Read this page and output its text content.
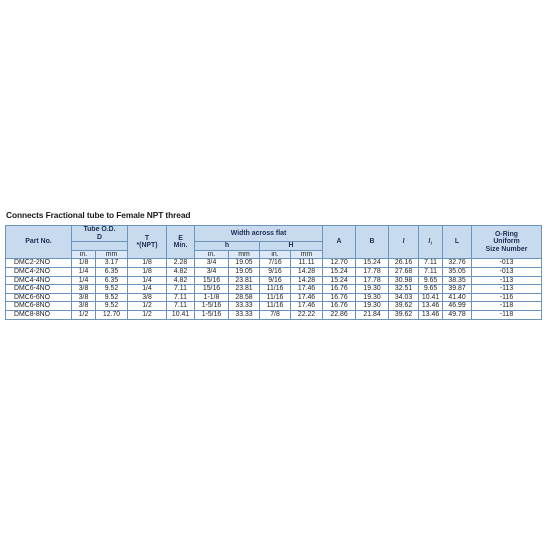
Connects Fractional tube to Female NPT thread
Part No.	Tube O.D.
D		T
*(NPT)	E
Min.	Width across flat				A	B	l	l₁	L	O-Ring
Uniform
Size Number
					h		H							
	in.	mm			in.	mm	in.	mm						
DMC2-2NO	1/8	3.17	1/8	2.28	3/4	19.05	7/16	11.11	12.70	15.24	26.16	7.11	32.76	-013
DMC4-2NO	1/4	6.35	1/8	4.82	3/4	19.05	9/16	14.28	15.24	17.78	27.68	7.11	35.05	-013
DMC4-4NO	1/4	6.35	1/4	4.82	15/16	23.81	9/16	14.28	15.24	17.78	30.98	9.65	38.35	-113
DMC6-4NO	3/8	9.52	1/4	7.11	15/16	23.81	11/16	17.46	16.76	19.30	32.51	9.65	39.87	-113
DMC6-6NO	3/8	9.52	3/8	7.11	1-1/8	28.58	11/16	17.46	16.76	19.30	34.03	10.41	41.40	-116
DMC6-8NO	3/8	9.52	1/2	7.11	1-5/16	33.33	11/16	17.46	16.76	19.30	39.62	13.46	46.99	-118
DMC8-8NO	1/2	12.70	1/2	10.41	1-5/16	33.33	7/8	22.22	22.86	21.84	39.62	13.46	49.78	-118
